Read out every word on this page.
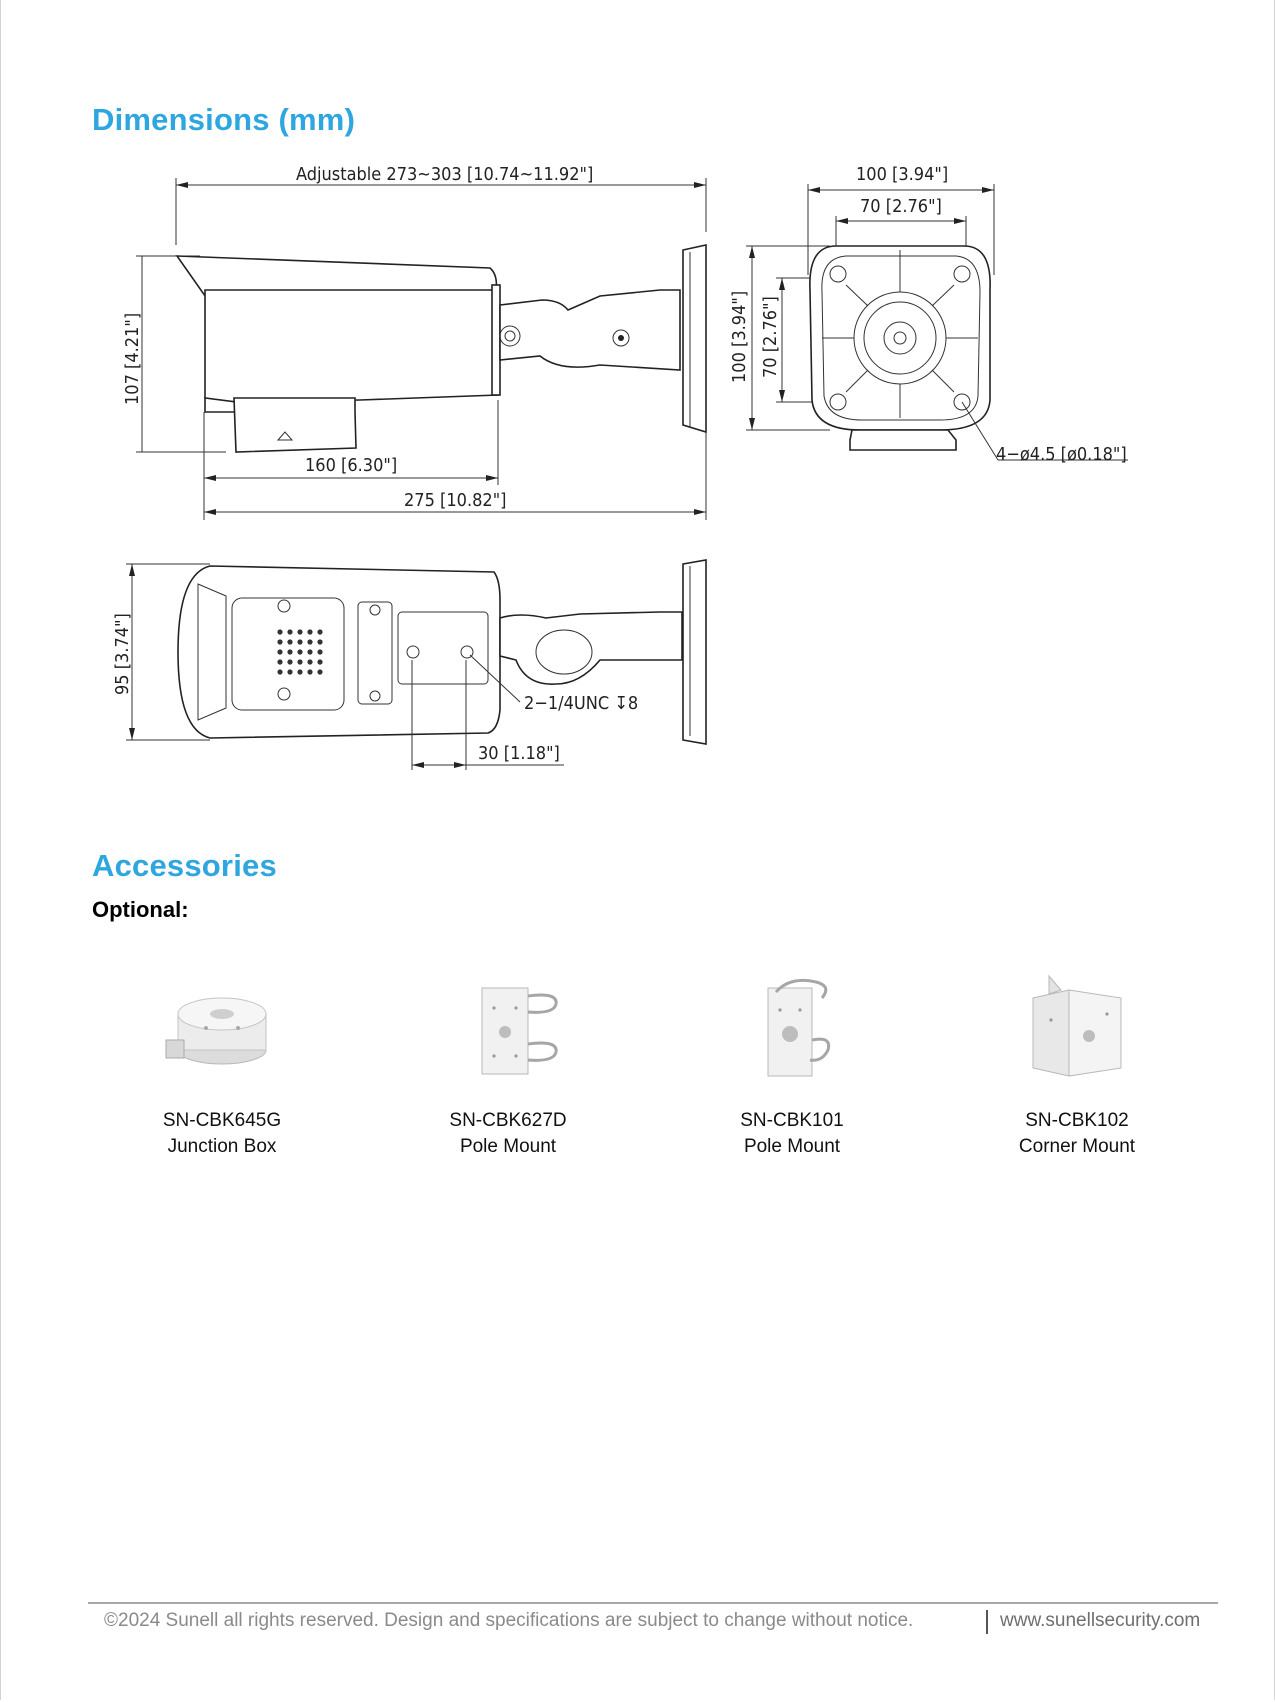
Dimensions (mm)
Adjustable 273~303 [10.74~11.92"]
107 [4.21"]
160 [6.30"]
275 [10.82"]
100 [3.94"]
70 [2.76"]
100 [3.94"] 70 [2.76"]
4−ø4.5 [ø0.18"]
95 [3.74"]
2−1/4UNC ↧8
30 [1.18"]
Accessories
Optional:
SN-CBK645G
Junction Box
SN-CBK627D
Pole Mount
SN-CBK101
Pole Mount
SN-CBK102
Corner Mount
©2024 Sunell all rights reserved. Design and specifications are subject to change without notice.	www.sunellsecurity.com
